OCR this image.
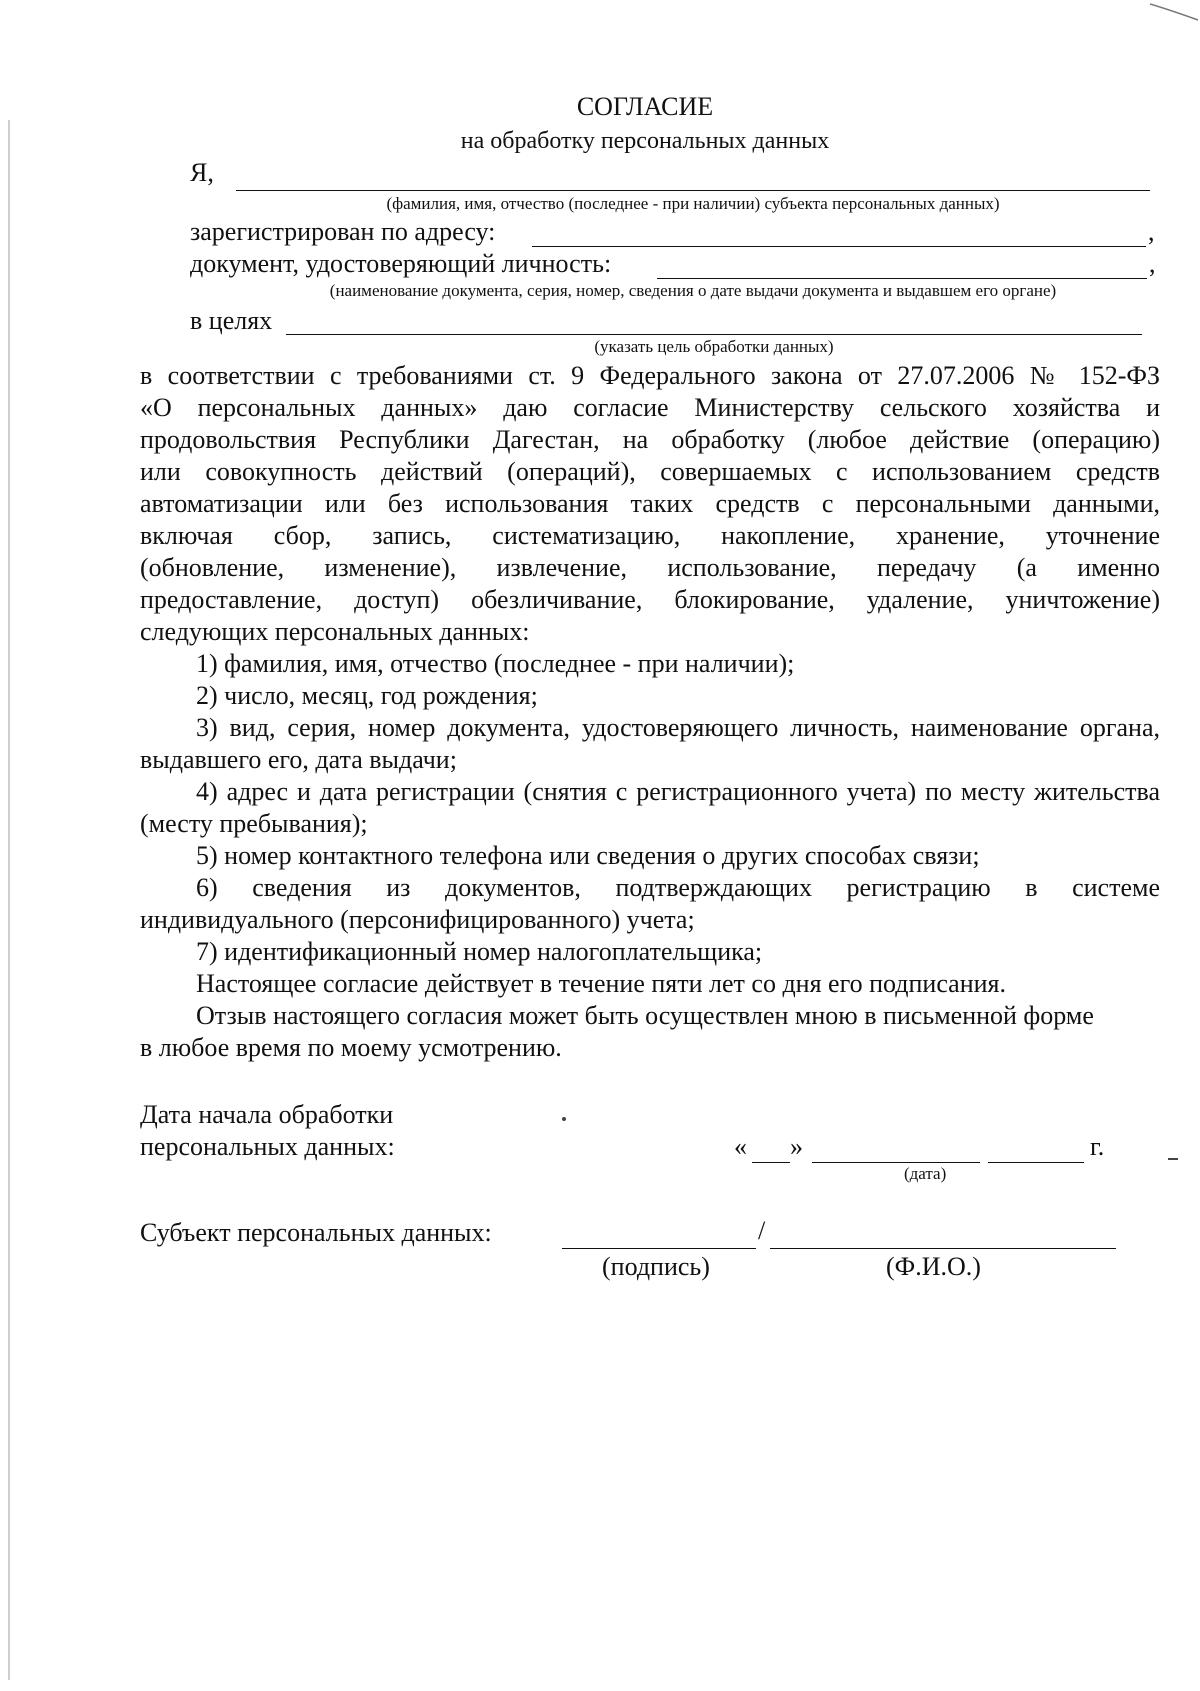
СОГЛАСИЕ
на обработку персональных данных
Я,
(фамилия, имя, отчество (последнее - при наличии) субъекта персональных данных)
зарегистрирован по адресу:	,
документ, удостоверяющий личность:	,
(наименование документа, серия, номер, сведения о дате выдачи документа и выдавшем его органе)
в целях
(указать цель обработки данных)
в соответствии с требованиями ст. 9 Федерального закона от 27.07.2006 № 152-ФЗ
«О персональных данных» даю согласие Министерству сельского хозяйства и
продовольствия Республики Дагестан, на обработку (любое действие (операцию)
или совокупность действий (операций), совершаемых с использованием средств
автоматизации или без использования таких средств с персональными данными,
включая сбор, запись, систематизацию, накопление, хранение, уточнение
(обновление, изменение), извлечение, использование, передачу (а именно
предоставление, доступ) обезличивание, блокирование, удаление, уничтожение)
следующих персональных данных:
1) фамилия, имя, отчество (последнее - при наличии);
2) число, месяц, год рождения;
3) вид, серия, номер документа, удостоверяющего личность, наименование органа, выдавшего его, дата выдачи;
4) адрес и дата регистрации (снятия с регистрационного учета) по месту жительства (месту пребывания);
5) номер контактного телефона или сведения о других способах связи;
6) сведения из документов, подтверждающих регистрацию в системе индивидуального (персонифицированного) учета;
7) идентификационный номер налогоплательщика;
Настоящее согласие действует в течение пяти лет со дня его подписания.
Отзыв настоящего согласия может быть осуществлен мною в письменной форме в любое время по моему усмотрению.
Дата начала обработки
персональных данных:	« »	г.
(дата)
Субъект персональных данных:	/
(подпись)	(Ф.И.О.)
